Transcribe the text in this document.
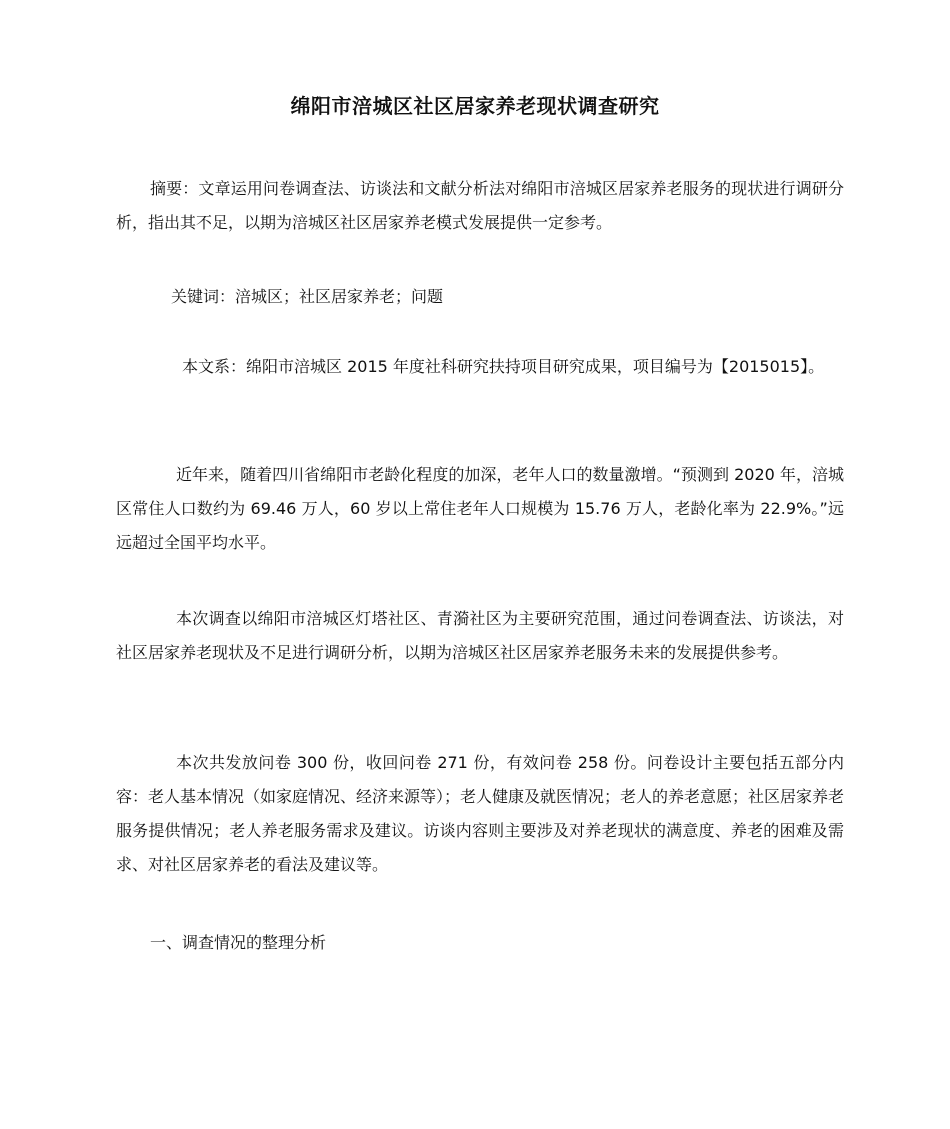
绵阳市涪城区社区居家养老现状调查研究

摘要：文章运用问卷调查法、访谈法和文献分析法对绵阳市涪城区居家养老服务的现状进行调研分析，指出其不足，以期为涪城区社区居家养老模式发展提供一定参考。

关键词：涪城区；社区居家养老；问题

本文系：绵阳市涪城区 2015 年度社科研究扶持项目研究成果，项目编号为【2015015】。

近年来，随着四川省绵阳市老龄化程度的加深，老年人口的数量激增。“预测到 2020 年，涪城区常住人口数约为 69.46 万人，60 岁以上常住老年人口规模为 15.76 万人，老龄化率为 22.9%。”远远超过全国平均水平。

本次调查以绵阳市涪城区灯塔社区、青漪社区为主要研究范围，通过问卷调查法、访谈法，对社区居家养老现状及不足进行调研分析，以期为涪城区社区居家养老服务未来的发展提供参考。

本次共发放问卷 300 份，收回问卷 271 份，有效问卷 258 份。问卷设计主要包括五部分内容：老人基本情况（如家庭情况、经济来源等）；老人健康及就医情况；老人的养老意愿；社区居家养老服务提供情况；老人养老服务需求及建议。访谈内容则主要涉及对养老现状的满意度、养老的困难及需求、对社区居家养老的看法及建议等。

一、调查情况的整理分析
